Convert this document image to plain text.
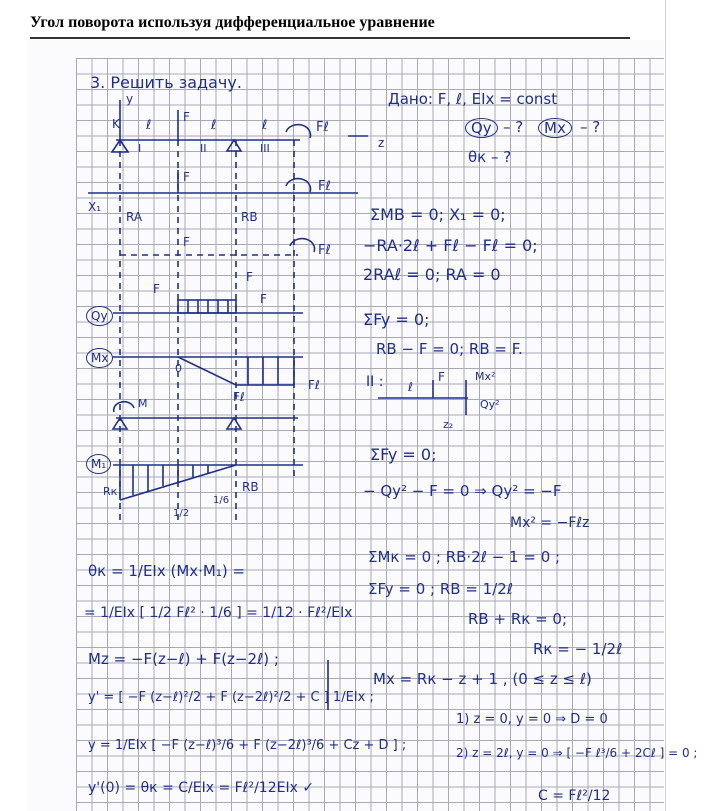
Угол поворота используя дифференциальное уравнение
3. Решить задачу.
Дано: F, ℓ, EIx = const
Qy – ?	Mx – ?
θк – ?
y
K ℓ	ℓ	ℓ
F
Fℓ
z
I	II	III
F
Fℓ
X₁
RA	RB
F
Fℓ
F
F
F
Qy
Mx
0
Fℓ
Fℓ
M
M₁
Rк	RB
1/2
1/6
ΣMB = 0; X₁ = 0;
−RA·2ℓ + Fℓ − Fℓ = 0;
2RAℓ = 0; RA = 0
ΣFy = 0;
RB − F = 0; RB = F.
II : ℓ
F	Mx²
Qy²
z₂
ΣFy = 0;
− Qy² − F = 0 ⇒ Qy² = −F
Mx² = −Fℓz
ΣMк = 0 ; RB·2ℓ − 1 = 0 ;
ΣFy = 0 ; RB = 1/2ℓ
RB + Rк = 0;
Rк = − 1/2ℓ
θк = 1/EIx (Mx·M₁) =
= 1/EIx [ 1/2 Fℓ² · 1/6 ] = 1/12 · Fℓ²/EIx
Mz = −F(z−ℓ) + F(z−2ℓ) ;
Mx = Rк − z + 1 , (0 ≤ z ≤ ℓ)
y' = [ −F (z−ℓ)²/2 + F (z−2ℓ)²/2 + C ] 1/EIx ;
1) z = 0, y = 0 ⇒ D = 0
y = 1/EIx [ −F (z−ℓ)³/6 + F (z−2ℓ)³/6 + Cz + D ] ;	2) z = 2ℓ, y = 0 ⇒ [ −F ℓ³/6 + 2Cℓ ] = 0 ;
y'(0) = θк = C/EIx = Fℓ²/12EIx ✓	C = Fℓ²/12
